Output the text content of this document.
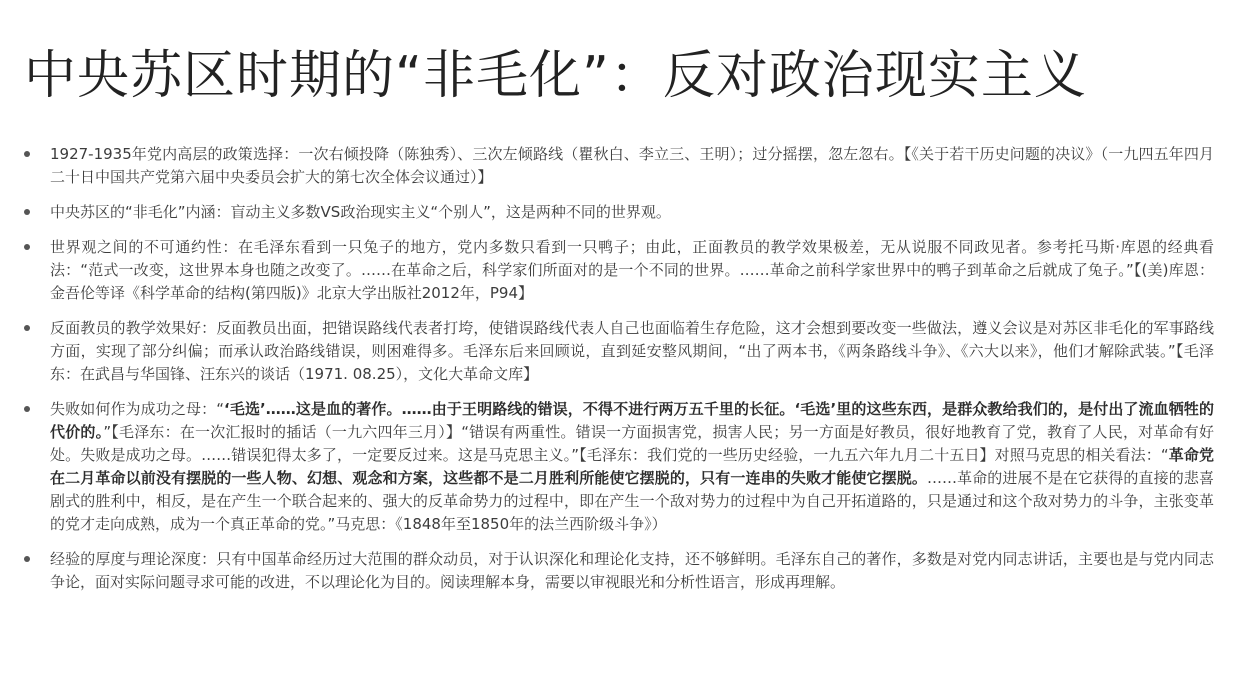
中央苏区时期的“非毛化”：反对政治现实主义
1927-1935年党内高层的政策选择：一次右倾投降（陈独秀）、三次左倾路线（瞿秋白、李立三、王明）；过分摇摆，忽左忽右。【《关于若干历史问题的决议》（一九四五年四月二十日中国共产党第六届中央委员会扩大的第七次全体会议通过）】
中央苏区的“非毛化”内涵：盲动主义多数VS政治现实主义“个别人”，这是两种不同的世界观。
世界观之间的不可通约性：在毛泽东看到一只兔子的地方，党内多数只看到一只鸭子；由此，正面教员的教学效果极差，无从说服不同政见者。参考托马斯·库恩的经典看法：“范式一改变，这世界本身也随之改变了。……在革命之后，科学家们所面对的是一个不同的世界。……革命之前科学家世界中的鸭子到革命之后就成了兔子。”【(美)库恩：金吾伦等译《科学革命的结构(第四版)》北京大学出版社2012年，P94】
反面教员的教学效果好：反面教员出面，把错误路线代表者打垮，使错误路线代表人自己也面临着生存危险，这才会想到要改变一些做法，遵义会议是对苏区非毛化的军事路线方面，实现了部分纠偏；而承认政治路线错误，则困难得多。毛泽东后来回顾说，直到延安整风期间，“出了两本书，《两条路线斗争》、《六大以来》，他们才解除武装。”【毛泽东：在武昌与华国锋、汪东兴的谈话（1971. 08.25），文化大革命文库】
失败如何作为成功之母：“‘毛选’……这是血的著作。……由于王明路线的错误，不得不进行两万五千里的长征。‘毛选’里的这些东西，是群众教给我们的，是付出了流血牺牲的代价的。”【毛泽东：在一次汇报时的插话（一九六四年三月）】“错误有两重性。错误一方面损害党，损害人民；另一方面是好教员，很好地教育了党，教育了人民，对革命有好处。失败是成功之母。……错误犯得太多了，一定要反过来。这是马克思主义。”【毛泽东：我们党的一些历史经验，一九五六年九月二十五日】对照马克思的相关看法：“革命党在二月革命以前没有摆脱的一些人物、幻想、观念和方案，这些都不是二月胜利所能使它摆脱的，只有一连串的失败才能使它摆脱。……革命的进展不是在它获得的直接的悲喜剧式的胜利中，相反，是在产生一个联合起来的、强大的反革命势力的过程中，即在产生一个敌对势力的过程中为自己开拓道路的，只是通过和这个敌对势力的斗争，主张变革的党才走向成熟，成为一个真正革命的党。”马克思：《1848年至1850年的法兰西阶级斗争》）
经验的厚度与理论深度：只有中国革命经历过大范围的群众动员，对于认识深化和理论化支持，还不够鲜明。毛泽东自己的著作，多数是对党内同志讲话，主要也是与党内同志争论，面对实际问题寻求可能的改进，不以理论化为目的。阅读理解本身，需要以审视眼光和分析性语言，形成再理解。
